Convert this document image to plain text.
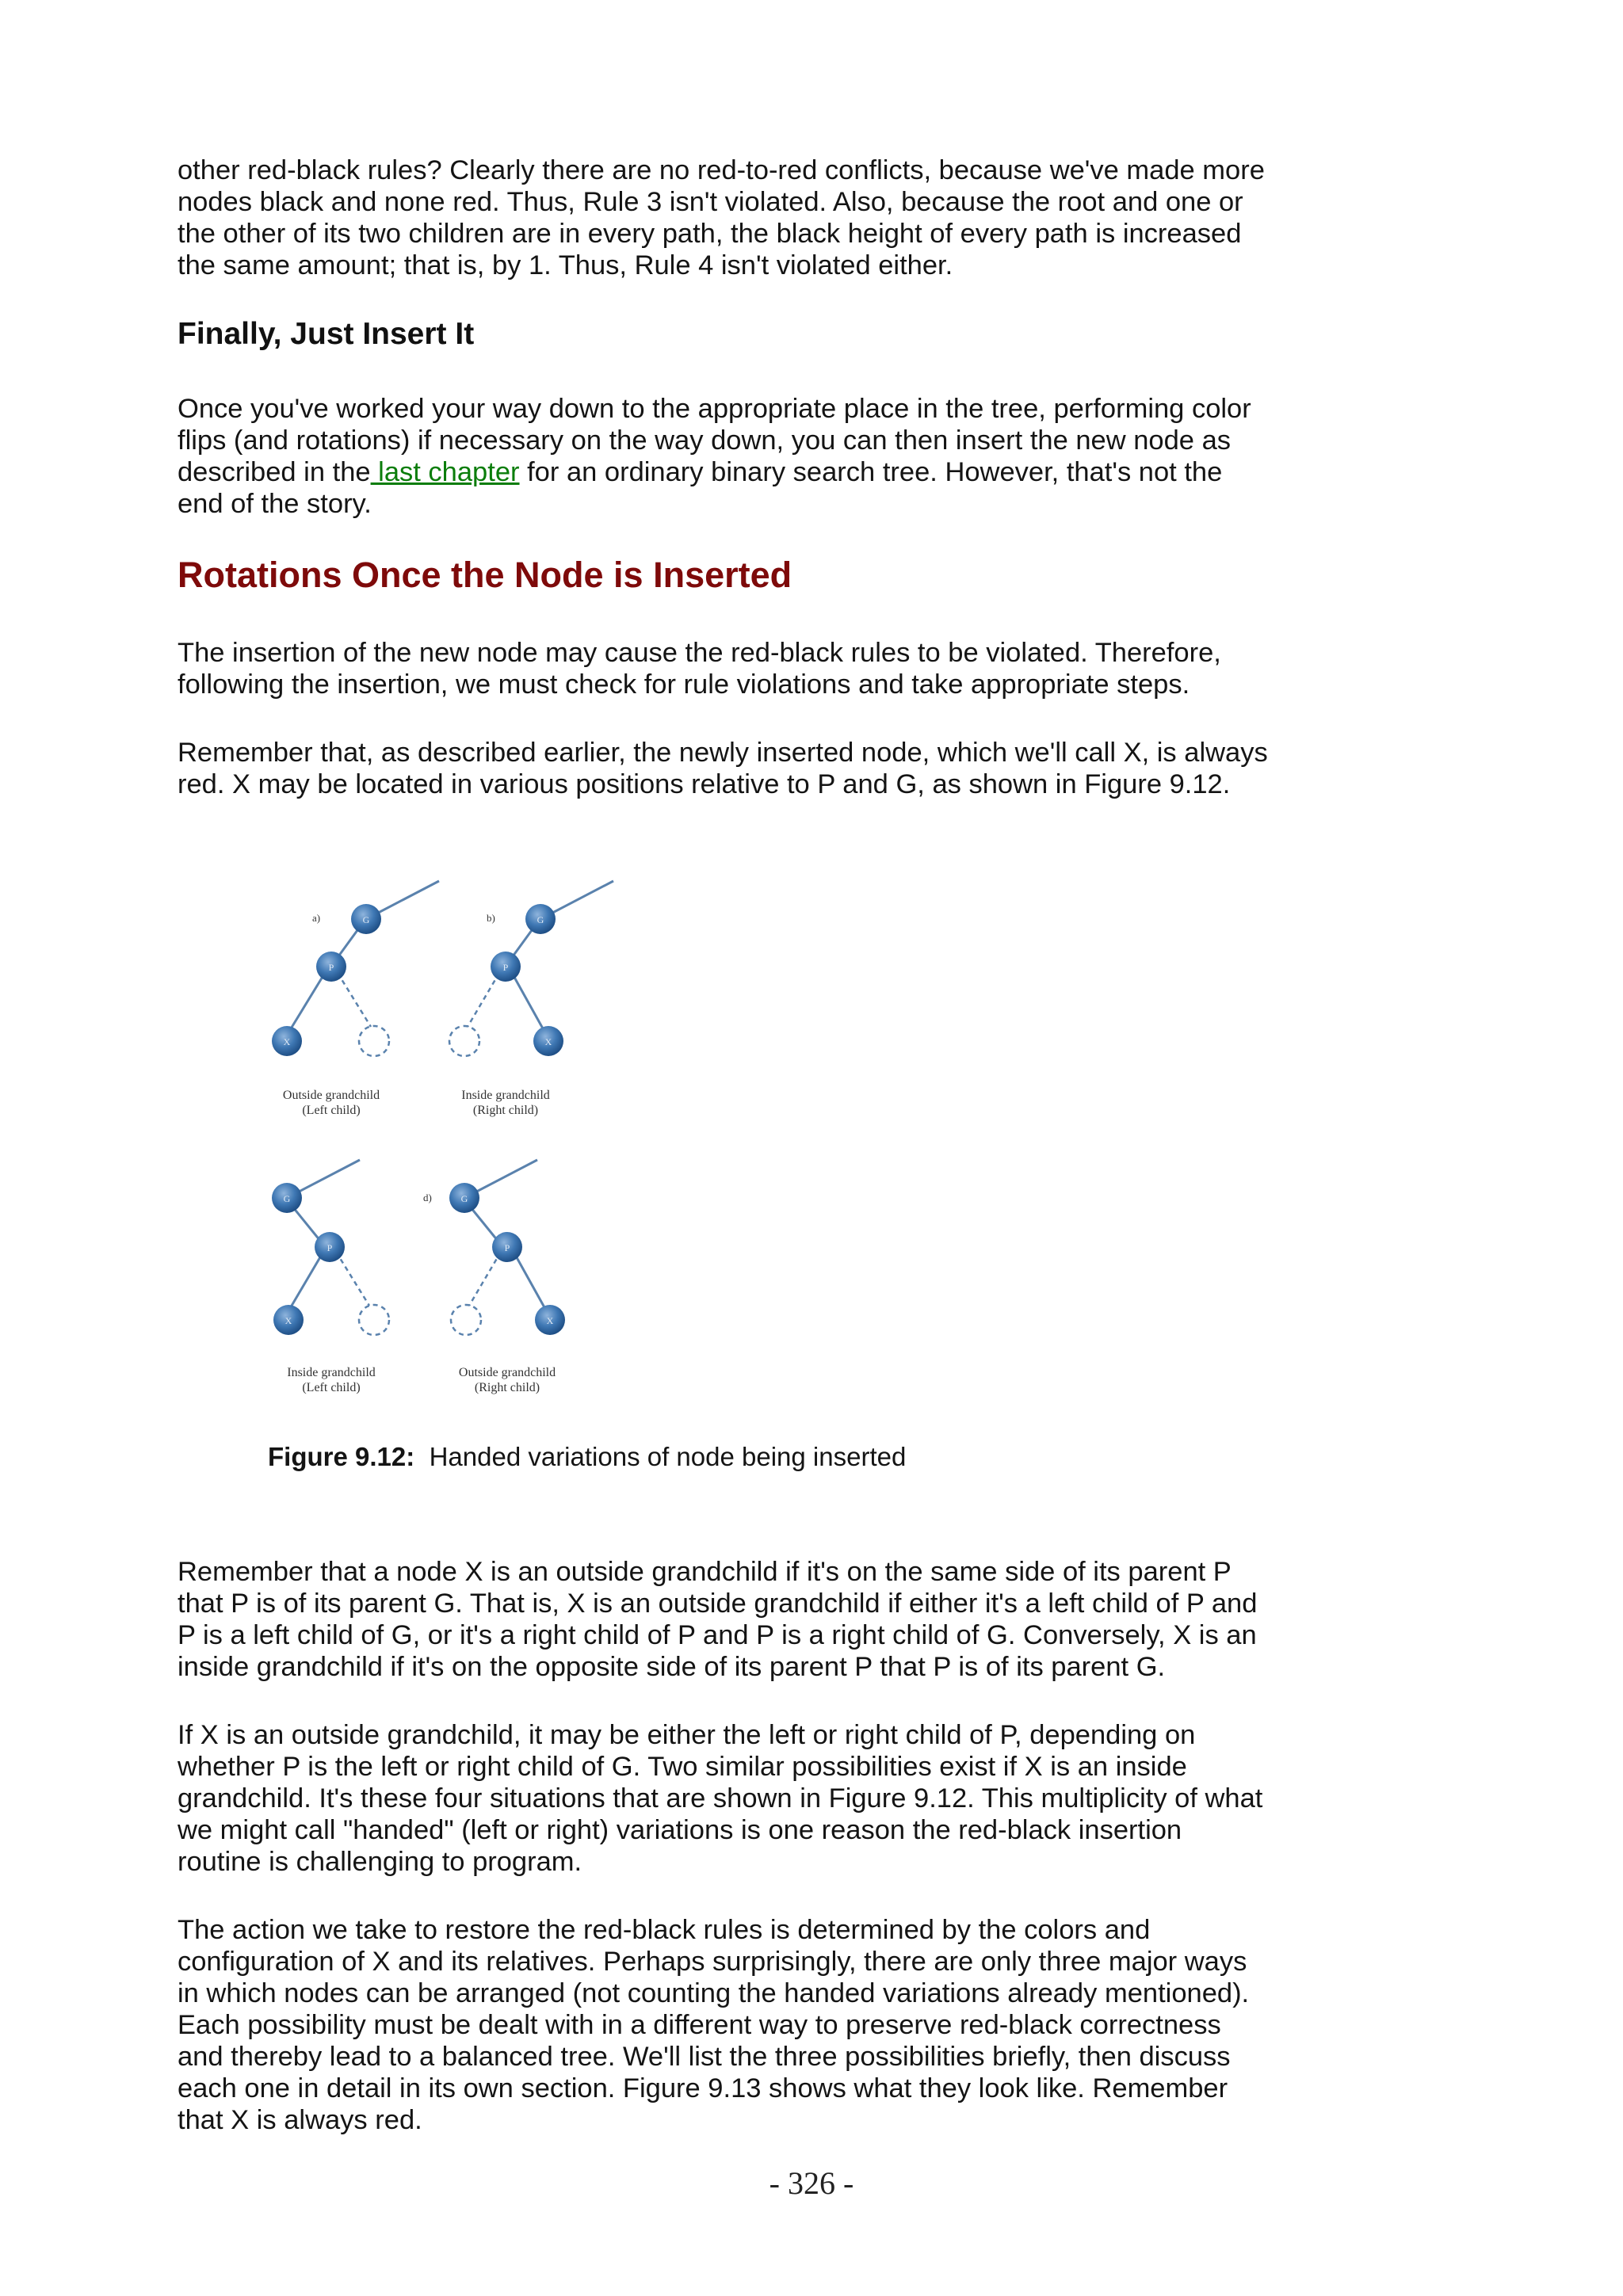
other red-black rules? Clearly there are no red-to-red conflicts, because we've made more nodes black and none red. Thus, Rule 3 isn't violated. Also, because the root and one or the other of its two children are in every path, the black height of every path is increased the same amount; that is, by 1. Thus, Rule 4 isn't violated either.

Finally, Just Insert It

Once you've worked your way down to the appropriate place in the tree, performing color flips (and rotations) if necessary on the way down, you can then insert the new node as described in the last chapter for an ordinary binary search tree. However, that's not the end of the story.

Rotations Once the Node is Inserted

The insertion of the new node may cause the red-black rules to be violated. Therefore, following the insertion, we must check for rule violations and take appropriate steps.

Remember that, as described earlier, the newly inserted node, which we'll call X, is always red. X may be located in various positions relative to P and G, as shown in Figure 9.12.

a)	G
P
X
Outside grandchild
(Left child)
b)	G
P
X
Inside grandchild
(Right child)
G
P
X
Inside grandchild
(Left child)
d)	G
P
X
Outside grandchild
(Right child)
Figure 9.12: Handed variations of node being inserted

Remember that a node X is an outside grandchild if it's on the same side of its parent P that P is of its parent G. That is, X is an outside grandchild if either it's a left child of P and P is a left child of G, or it's a right child of P and P is a right child of G. Conversely, X is an inside grandchild if it's on the opposite side of its parent P that P is of its parent G.

If X is an outside grandchild, it may be either the left or right child of P, depending on whether P is the left or right child of G. Two similar possibilities exist if X is an inside grandchild. It's these four situations that are shown in Figure 9.12. This multiplicity of what we might call "handed" (left or right) variations is one reason the red-black insertion routine is challenging to program.

The action we take to restore the red-black rules is determined by the colors and configuration of X and its relatives. Perhaps surprisingly, there are only three major ways in which nodes can be arranged (not counting the handed variations already mentioned). Each possibility must be dealt with in a different way to preserve red-black correctness and thereby lead to a balanced tree. We'll list the three possibilities briefly, then discuss each one in detail in its own section. Figure 9.13 shows what they look like. Remember that X is always red.

- 326 -
